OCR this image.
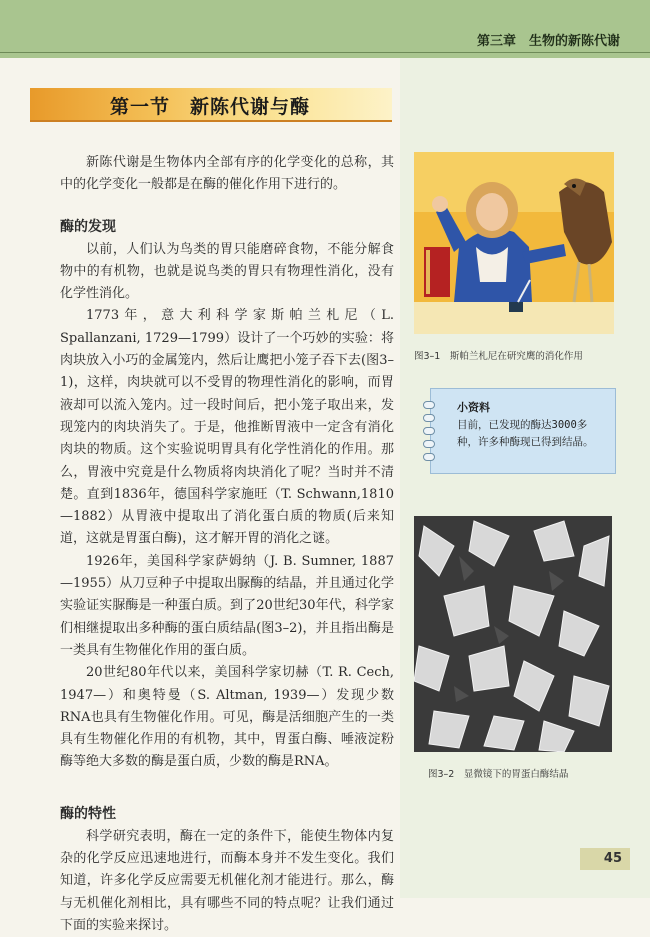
第三章　生物的新陈代谢
第一节　新陈代谢与酶

新陈代谢是生物体内全部有序的化学变化的总称，其中的化学变化一般都是在酶的催化作用下进行的。

酶的发现

以前，人们认为鸟类的胃只能磨碎食物，不能分解食物中的有机物，也就是说鸟类的胃只有物理性消化，没有化学性消化。

1773年，意大利科学家斯帕兰札尼（L. Spallanzani, 1729—1799）设计了一个巧妙的实验：将肉块放入小巧的金属笼内，然后让鹰把小笼子吞下去(图3–1)，这样，肉块就可以不受胃的物理性消化的影响，而胃液却可以流入笼内。过一段时间后，把小笼子取出来，发现笼内的肉块消失了。于是，他推断胃液中一定含有消化肉块的物质。这个实验说明胃具有化学性消化的作用。那么，胃液中究竟是什么物质将肉块消化了呢？当时并不清楚。直到1836年，德国科学家施旺（T. Schwann,1810—1882）从胃液中提取出了消化蛋白质的物质(后来知道，这就是胃蛋白酶)，这才解开胃的消化之谜。

1926年，美国科学家萨姆纳（J. B. Sumner, 1887—1955）从刀豆种子中提取出脲酶的结晶，并且通过化学实验证实脲酶是一种蛋白质。到了20世纪30年代，科学家们相继提取出多种酶的蛋白质结晶(图3–2)，并且指出酶是一类具有生物催化作用的蛋白质。

20世纪80年代以来，美国科学家切赫（T. R. Cech, 1947—）和奥特曼（S. Altman, 1939—）发现少数RNA也具有生物催化作用。可见，酶是活细胞产生的一类具有生物催化作用的有机物，其中，胃蛋白酶、唾液淀粉酶等绝大多数的酶是蛋白质，少数的酶是RNA。

酶的特性

科学研究表明，酶在一定的条件下，能使生物体内复杂的化学反应迅速地进行，而酶本身并不发生变化。我们知道，许多化学反应需要无机催化剂才能进行。那么，酶与无机催化剂相比，具有哪些不同的特点呢？让我们通过下面的实验来探讨。

图3–1　斯帕兰札尼在研究鹰的消化作用
小资料
目前，已发现的酶达3000多种，许多种酶现已得到结晶。
图3–2　显微镜下的胃蛋白酶结晶
45
